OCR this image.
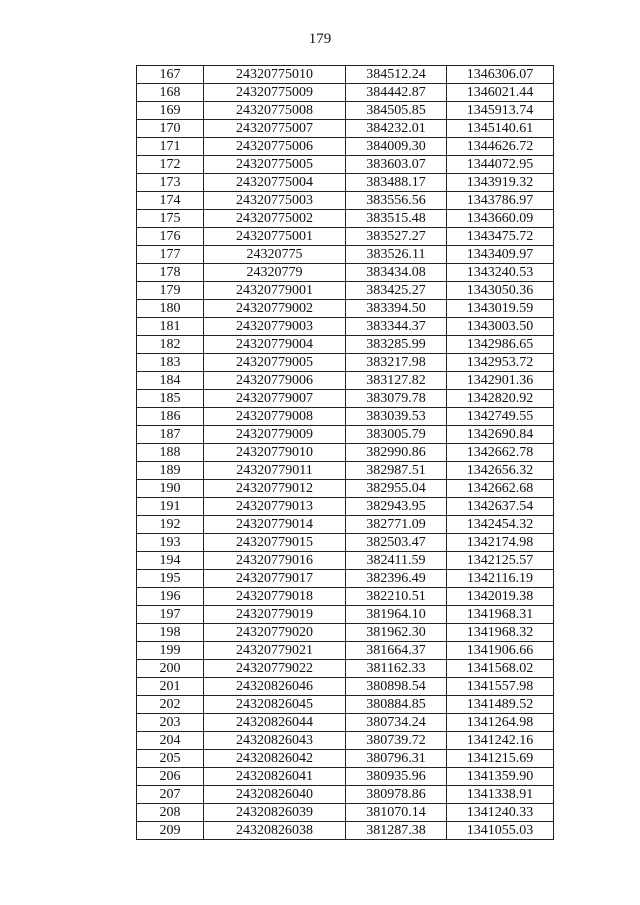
179
167	24320775010	384512.24	1346306.07
168	24320775009	384442.87	1346021.44
169	24320775008	384505.85	1345913.74
170	24320775007	384232.01	1345140.61
171	24320775006	384009.30	1344626.72
172	24320775005	383603.07	1344072.95
173	24320775004	383488.17	1343919.32
174	24320775003	383556.56	1343786.97
175	24320775002	383515.48	1343660.09
176	24320775001	383527.27	1343475.72
177	24320775	383526.11	1343409.97
178	24320779	383434.08	1343240.53
179	24320779001	383425.27	1343050.36
180	24320779002	383394.50	1343019.59
181	24320779003	383344.37	1343003.50
182	24320779004	383285.99	1342986.65
183	24320779005	383217.98	1342953.72
184	24320779006	383127.82	1342901.36
185	24320779007	383079.78	1342820.92
186	24320779008	383039.53	1342749.55
187	24320779009	383005.79	1342690.84
188	24320779010	382990.86	1342662.78
189	24320779011	382987.51	1342656.32
190	24320779012	382955.04	1342662.68
191	24320779013	382943.95	1342637.54
192	24320779014	382771.09	1342454.32
193	24320779015	382503.47	1342174.98
194	24320779016	382411.59	1342125.57
195	24320779017	382396.49	1342116.19
196	24320779018	382210.51	1342019.38
197	24320779019	381964.10	1341968.31
198	24320779020	381962.30	1341968.32
199	24320779021	381664.37	1341906.66
200	24320779022	381162.33	1341568.02
201	24320826046	380898.54	1341557.98
202	24320826045	380884.85	1341489.52
203	24320826044	380734.24	1341264.98
204	24320826043	380739.72	1341242.16
205	24320826042	380796.31	1341215.69
206	24320826041	380935.96	1341359.90
207	24320826040	380978.86	1341338.91
208	24320826039	381070.14	1341240.33
209	24320826038	381287.38	1341055.03
